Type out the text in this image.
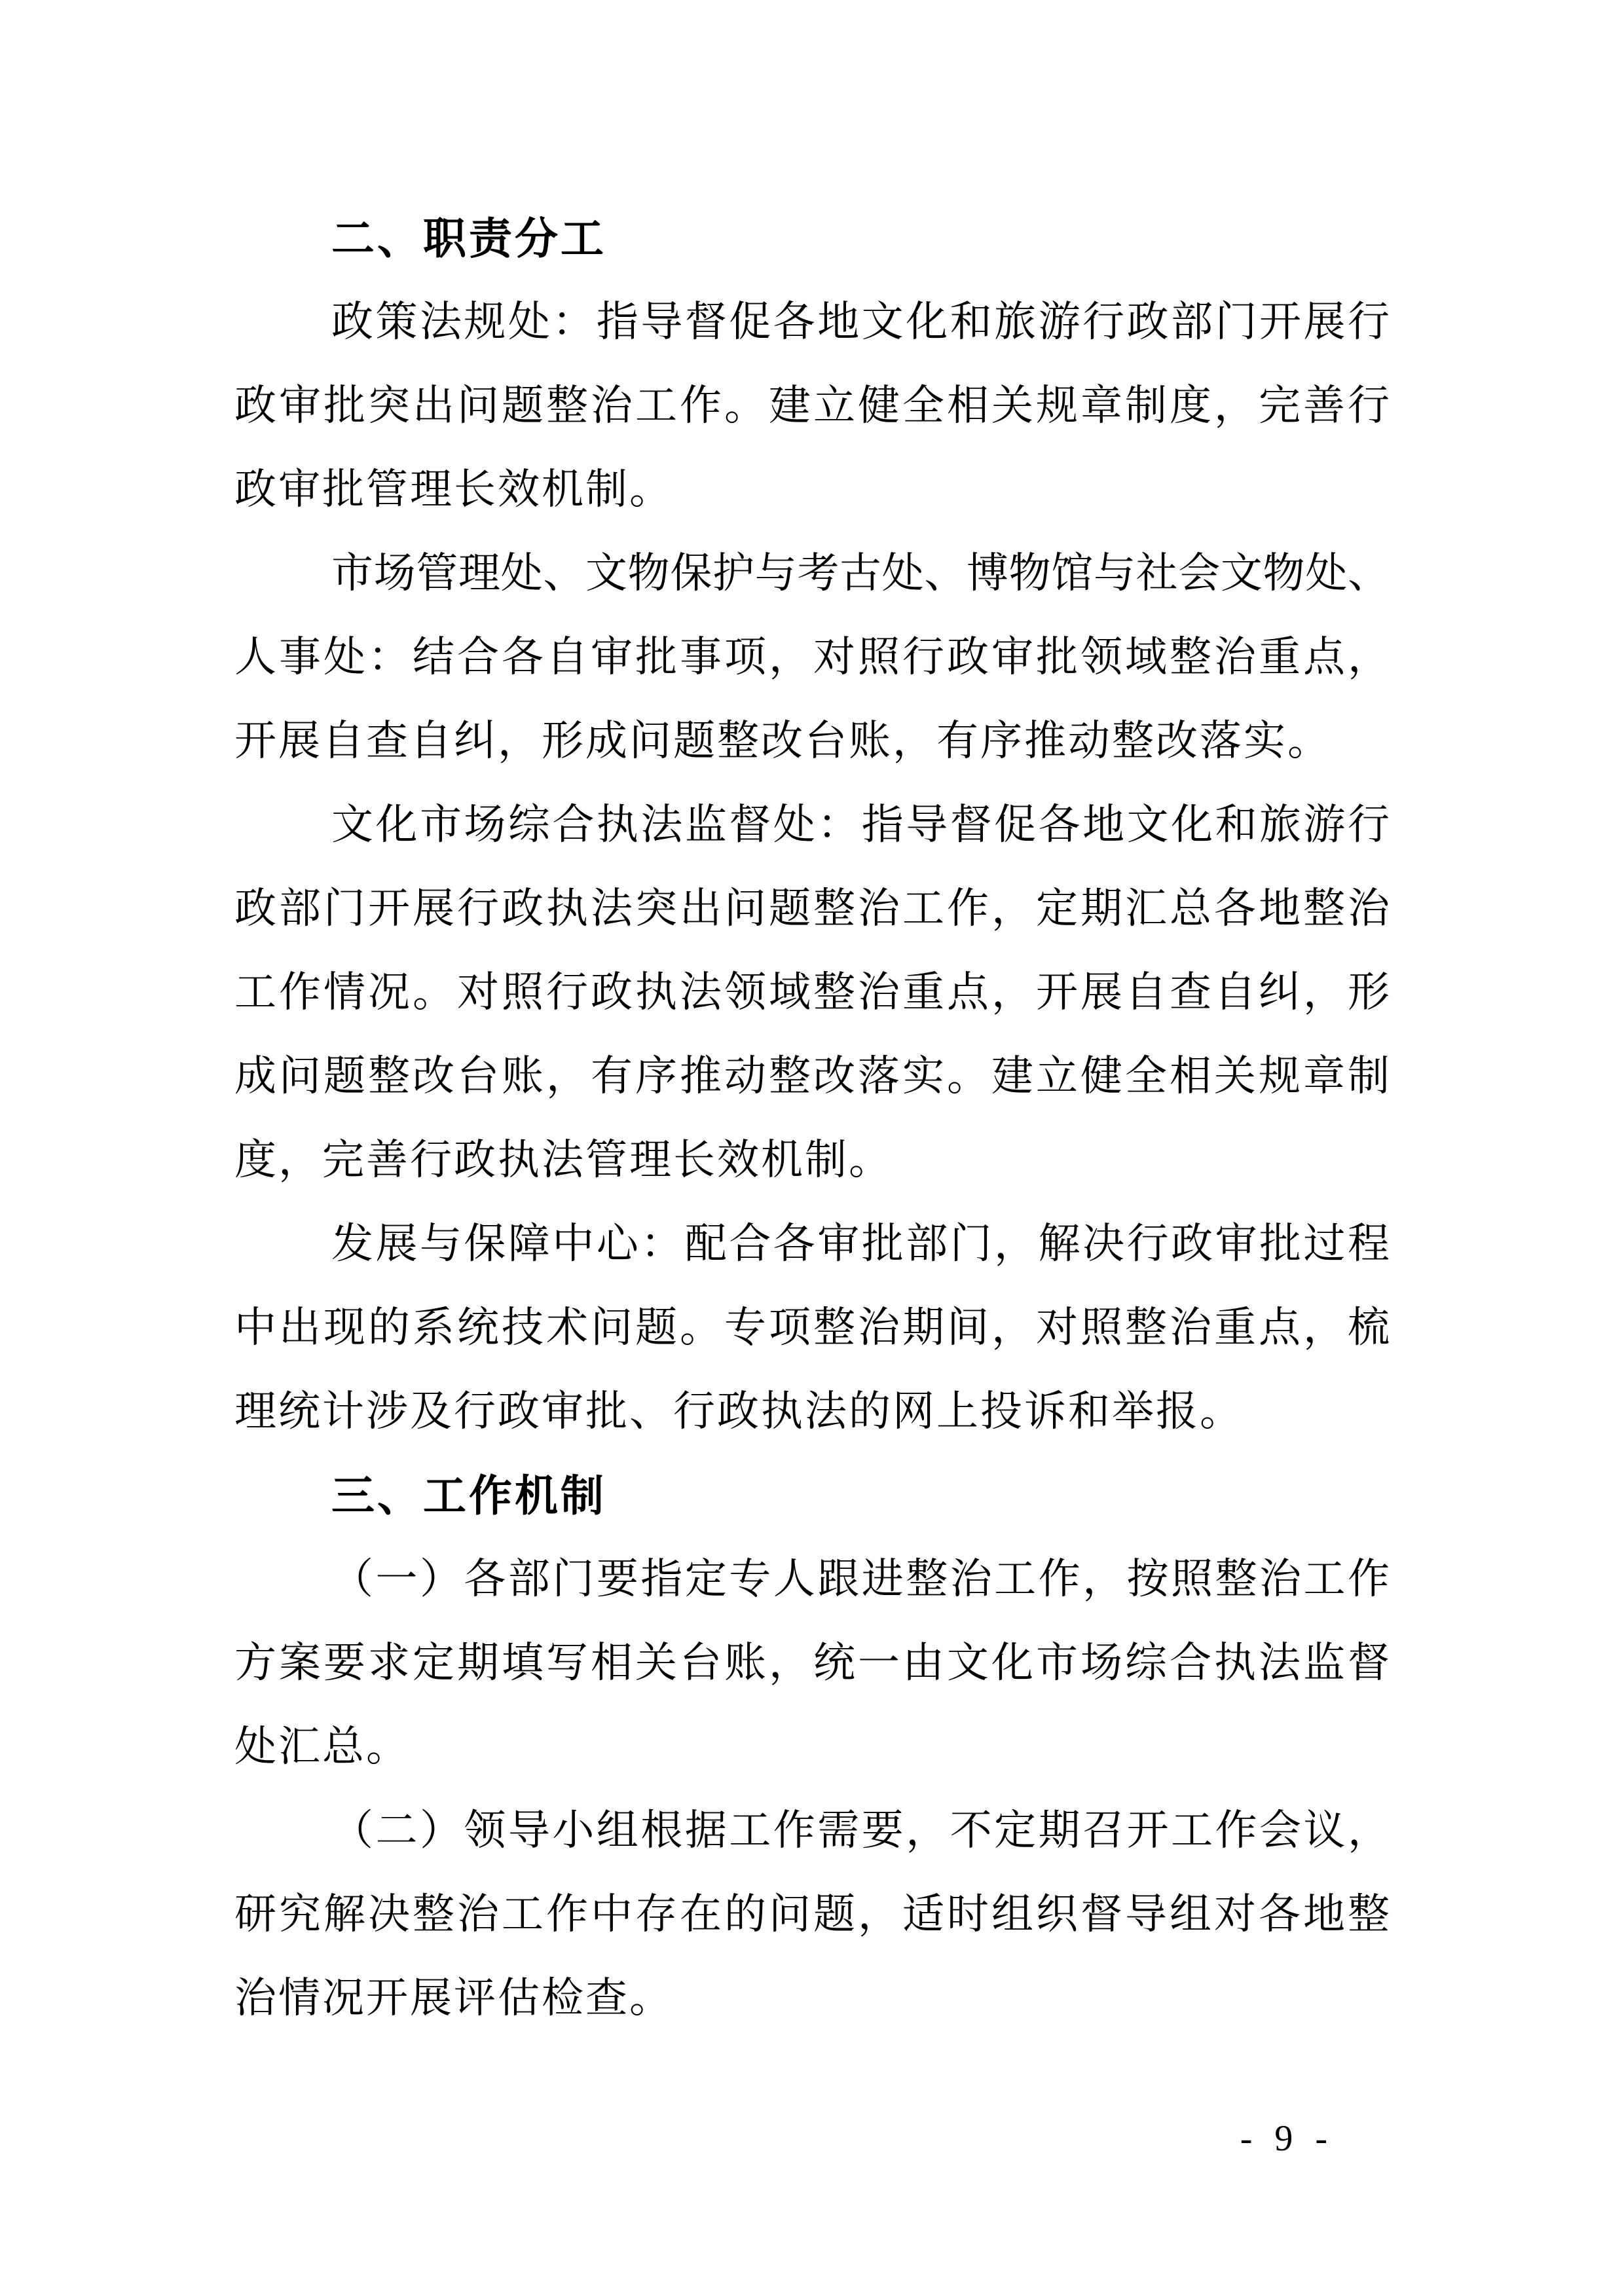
二、职责分工
政策法规处：指导督促各地文化和旅游行政部门开展行
政审批突出问题整治工作。建立健全相关规章制度，完善行
政审批管理长效机制。
市场管理处、文物保护与考古处、博物馆与社会文物处、
人事处：结合各自审批事项，对照行政审批领域整治重点，
开展自查自纠，形成问题整改台账，有序推动整改落实。
文化市场综合执法监督处：指导督促各地文化和旅游行
政部门开展行政执法突出问题整治工作，定期汇总各地整治
工作情况。对照行政执法领域整治重点，开展自查自纠，形
成问题整改台账，有序推动整改落实。建立健全相关规章制
度，完善行政执法管理长效机制。
发展与保障中心：配合各审批部门，解决行政审批过程
中出现的系统技术问题。专项整治期间，对照整治重点，梳
理统计涉及行政审批、行政执法的网上投诉和举报。
三、工作机制
（一）各部门要指定专人跟进整治工作，按照整治工作
方案要求定期填写相关台账，统一由文化市场综合执法监督
处汇总。
（二）领导小组根据工作需要，不定期召开工作会议，
研究解决整治工作中存在的问题，适时组织督导组对各地整
治情况开展评估检查。
- 9 -
